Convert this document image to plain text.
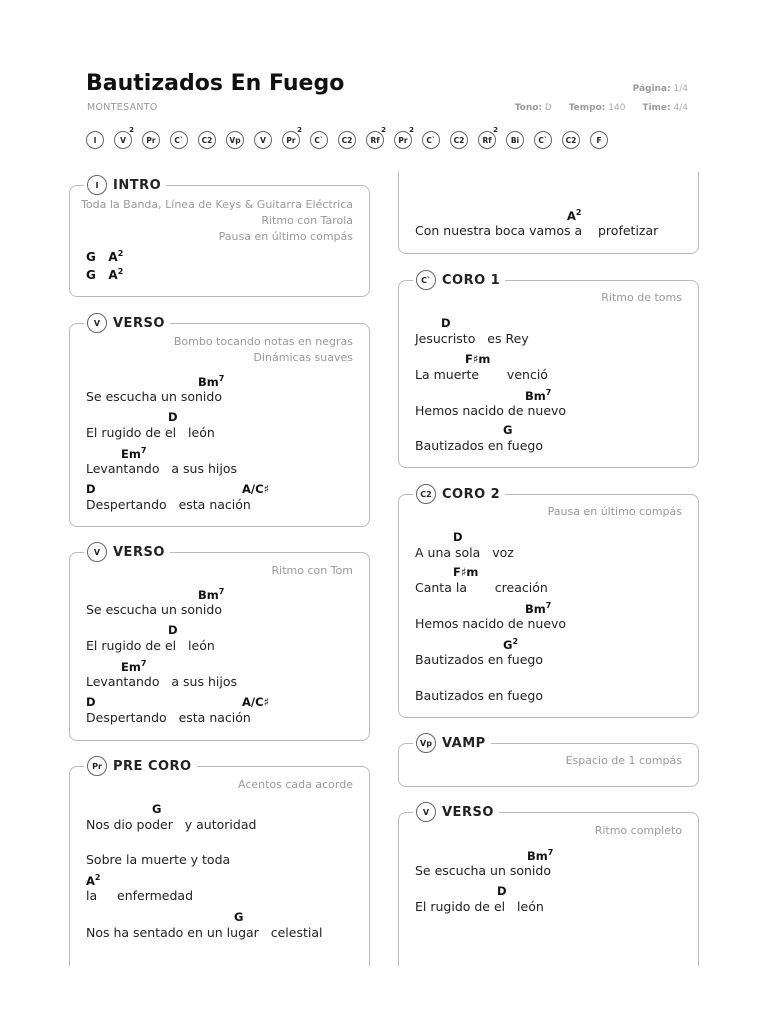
Bautizados En Fuego
MONTESANTO
Página: 1/4
Tono: D Tempo: 140 Time: 4/4
I	V
2
Pr	C` C2 Vp	V	Pr
2
C` C2 Rf
2
Pr
2
C` C2 Rf
2
Bi	C` C2	F
I	INTRO
Toda la Banda, Línea de Keys & Guitarra Eléctrica
Ritmo con Tarola
Pausa en último compás
G $A^2$
G $A^2$
V VERSO
Bombo tocando notas en negras
Dinámicas suaves
Bm$^7$
Se escucha un sonido
D
El rugido de el   león
Em$^7$
Levantando   a sus hijos
D	A/C♯
Despertando   esta nación
V VERSO
Ritmo con Tom
Bm$^7$
Se escucha un sonido
D
El rugido de el   león
Em$^7$
Levantando   a sus hijos
D	A/C♯
Despertando   esta nación
Pr PRE CORO
Acentos cada acorde
G
Nos dio poder   y autoridad
Sobre la muerte y toda
$A^2$
la     enfermedad
G
Nos ha sentado en un lugar   celestial
$A^2$
Con nuestra boca vamos a    profetizar
C` CORO 1
Ritmo de toms
D
Jesucristo   es Rey
F♯m
La muerte       venció
Bm$^7$
Hemos nacido de nuevo
G
Bautizados en fuego
C2 CORO 2
Pausa en último compás
D
A una sola   voz
F♯m
Canta la       creación
Bm$^7$
Hemos nacido de nuevo
$G^2$
Bautizados en fuego
Bautizados en fuego
Vp VAMP
Espacio de 1 compás
V VERSO
Ritmo completo
Bm$^7$
Se escucha un sonido
D
El rugido de el   león
